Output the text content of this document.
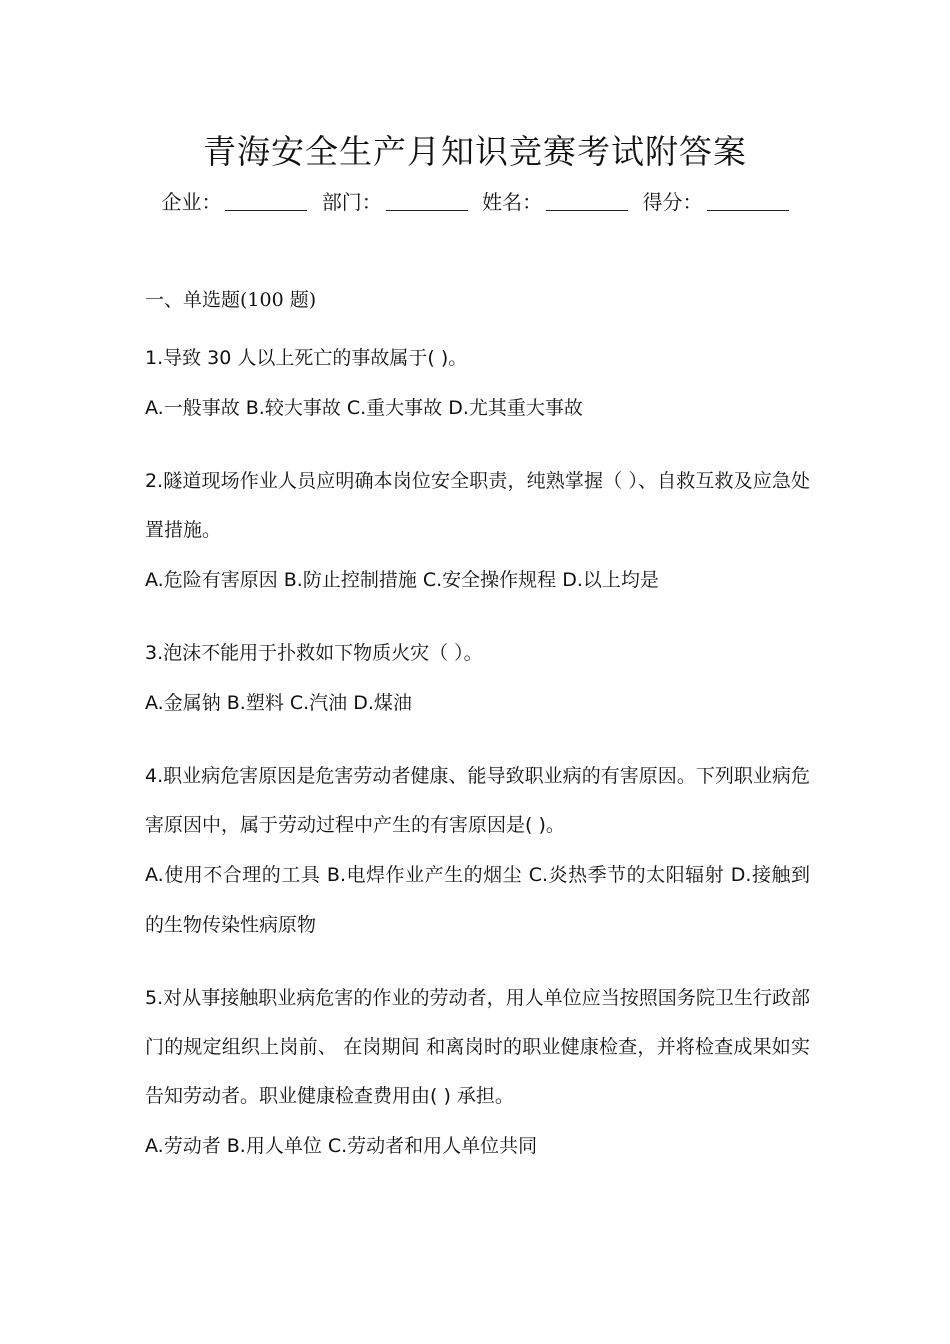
青海安全生产月知识竞赛考试附答案
企业：	部门：	姓名：	得分：

一、单选题(100 题)

1.导致 30 人以上死亡的事故属于( )。

A.一般事故 B.较大事故 C.重大事故 D.尤其重大事故

2.隧道现场作业人员应明确本岗位安全职责，纯熟掌握（ ）、自救互救及应急处置措施。

A.危险有害原因 B.防止控制措施 C.安全操作规程 D.以上均是

3.泡沫不能用于扑救如下物质火灾（ ）。

A.金属钠 B.塑料 C.汽油 D.煤油

4.职业病危害原因是危害劳动者健康、能导致职业病的有害原因。下列职业病危害原因中，属于劳动过程中产生的有害原因是( )。

A.使用不合理的工具 B.电焊作业产生的烟尘 C.炎热季节的太阳辐射 D.接触到的生物传染性病原物

5.对从事接触职业病危害的作业的劳动者，用人单位应当按照国务院卫生行政部门的规定组织上岗前、 在岗期间 和离岗时的职业健康检查，并将检查成果如实告知劳动者。职业健康检查费用由( ) 承担。

A.劳动者 B.用人单位 C.劳动者和用人单位共同
